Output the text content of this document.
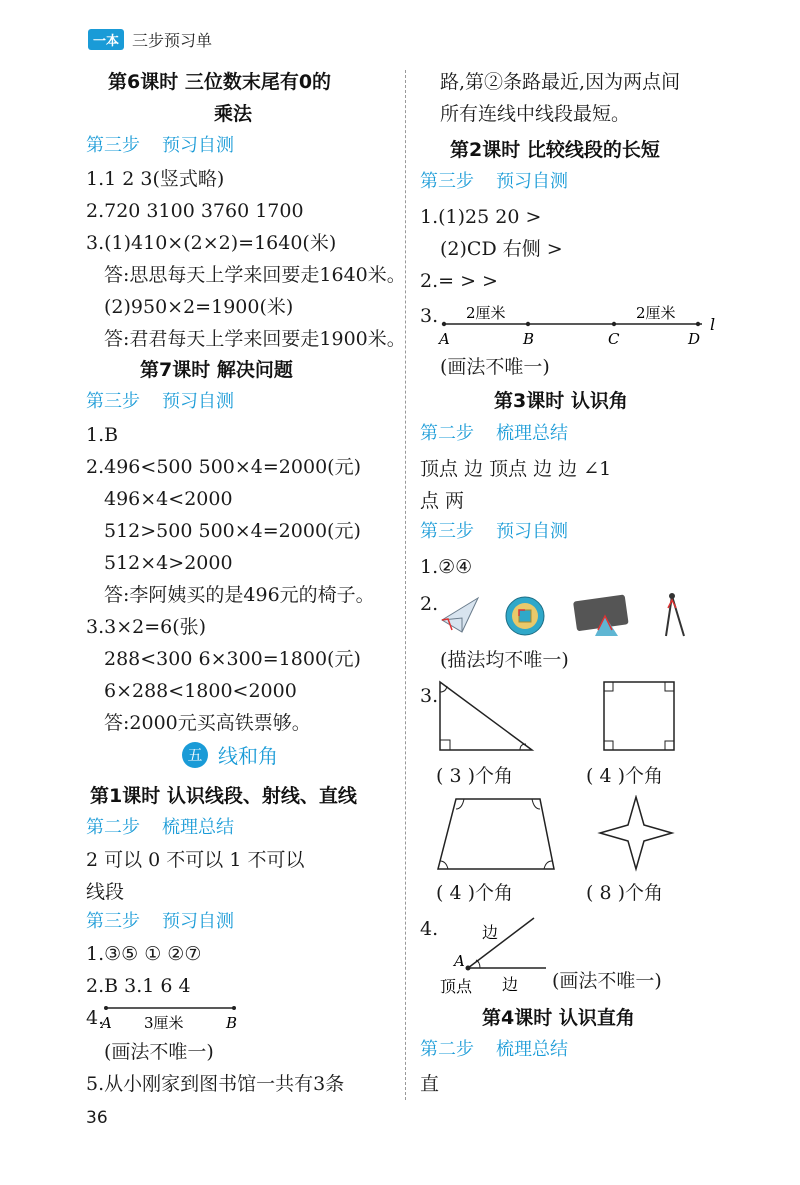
一本 三步预习单
第6课时 三位数末尾有0的
乘法
第三步 预习自测
1.1 2 3(竖式略)
2.720 3100 3760 1700
3.(1)410×(2×2)=1640(米)
答:思思每天上学来回要走1640米。
(2)950×2=1900(米)
答:君君每天上学来回要走1900米。
第7课时 解决问题
第三步 预习自测
1.B
2.496<500 500×4=2000(元)
496×4<2000
512>500 500×4=2000(元)
512×4>2000
答:李阿姨买的是496元的椅子。
3.3×2=6(张)
288<300 6×300=1800(元)
6×288<1800<2000
答:2000元买高铁票够。
五 线和角
第1课时 认识线段、射线、直线
第二步 梳理总结
2 可以 0 不可以 1 不可以
线段
第三步 预习自测
1.③⑤ ① ②⑦
2.B 3.1 6 4
4.
A	B
3厘米
(画法不唯一)
5.从小刚家到图书馆一共有3条
路,第②条路最近,因为两点间
所有连线中线段最短。
第2课时 比较线段的长短
第三步 预习自测
1.(1)25 20 >
(2)CD 右侧 >
2.= > >
3. 2厘米	2厘米
A	B	C	D
l
(画法不唯一)
第3课时 认识角
第二步 梳理总结
顶点 边 顶点 边 边 ∠1
点 两
第三步 预习自测
1.②④
2.
(描法均不唯一)
3.
( 3 )个角	( 4 )个角
( 4 )个角	( 8 )个角
4.	边
A
顶点 边 (画法不唯一)
第4课时 认识直角
第二步 梳理总结
直
36
